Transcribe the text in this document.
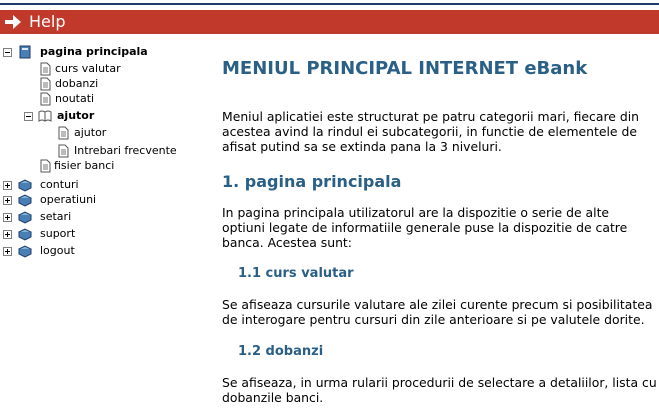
Help
pagina principala
curs valutar
dobanzi
noutati
ajutor
ajutor
Intrebari frecvente
fisier banci
conturi
operatiuni
setari
suport
logout
MENIUL PRINCIPAL INTERNET eBank
Meniul aplicatiei este structurat pe patru categorii mari, fiecare din
acestea avind la rindul ei subcategorii, in functie de elementele de
afisat putind sa se extinda pana la 3 niveluri.
1. pagina principala
In pagina principala utilizatorul are la dispozitie o serie de alte
optiuni legate de informatiile generale puse la dispozitie de catre
banca. Acestea sunt:
1.1 curs valutar
Se afiseaza cursurile valutare ale zilei curente precum si posibilitatea
de interogare pentru cursuri din zile anterioare si pe valutele dorite.
1.2 dobanzi
Se afiseaza, in urma rularii procedurii de selectare a detaliilor, lista cu
dobanzile banci.
